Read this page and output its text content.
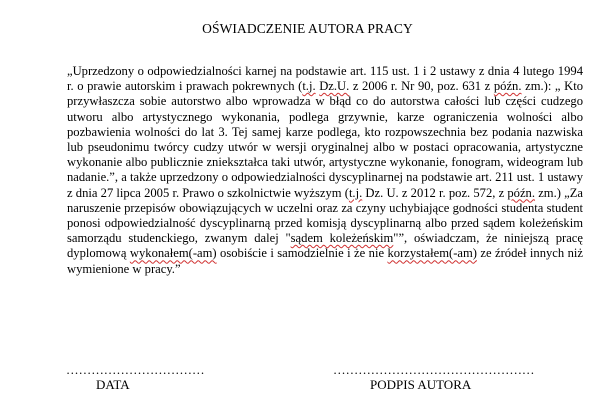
OŚWIADCZENIE AUTORA PRACY
„Uprzedzony o odpowiedzialności karnej na podstawie art. 115 ust. 1 i 2 ustawy z dnia 4 lutego 1994 r. o prawie autorskim i prawach pokrewnych (t.j. Dz.U. z 2006 r. Nr 90, poz. 631 z późn. zm.): „ Kto przywłaszcza sobie autorstwo albo wprowadza w błąd co do autorstwa całości lub części cudzego utworu albo artystycznego wykonania, podlega grzywnie, karze ograniczenia wolności albo pozbawienia wolności do lat 3. Tej samej karze podlega, kto rozpowszechnia bez podania nazwiska lub pseudonimu twórcy cudzy utwór w wersji oryginalnej albo w postaci opracowania, artystyczne wykonanie albo publicznie zniekształca taki utwór, artystyczne wykonanie, fonogram, wideogram lub nadanie.”, a także uprzedzony o odpowiedzialności dyscyplinarnej na podstawie art. 211 ust. 1 ustawy z dnia 27 lipca 2005 r. Prawo o szkolnictwie wyższym (t.j. Dz. U. z 2012 r. poz. 572, z późn. zm.) „Za naruszenie przepisów obowiązujących w uczelni oraz za czyny uchybiające godności studenta student ponosi odpowiedzialność dyscyplinarną przed komisją dyscyplinarną albo przed sądem koleżeńskim samorządu studenckiego, zwanym dalej "sądem koleżeńskim"”, oświadczam, że niniejszą pracę dyplomową wykonałem(-am) osobiście i samodzielnie i że nie korzystałem(-am) ze źródeł innych niż wymienione w pracy.”
……………………………
DATA
…………………………………………
PODPIS AUTORA
